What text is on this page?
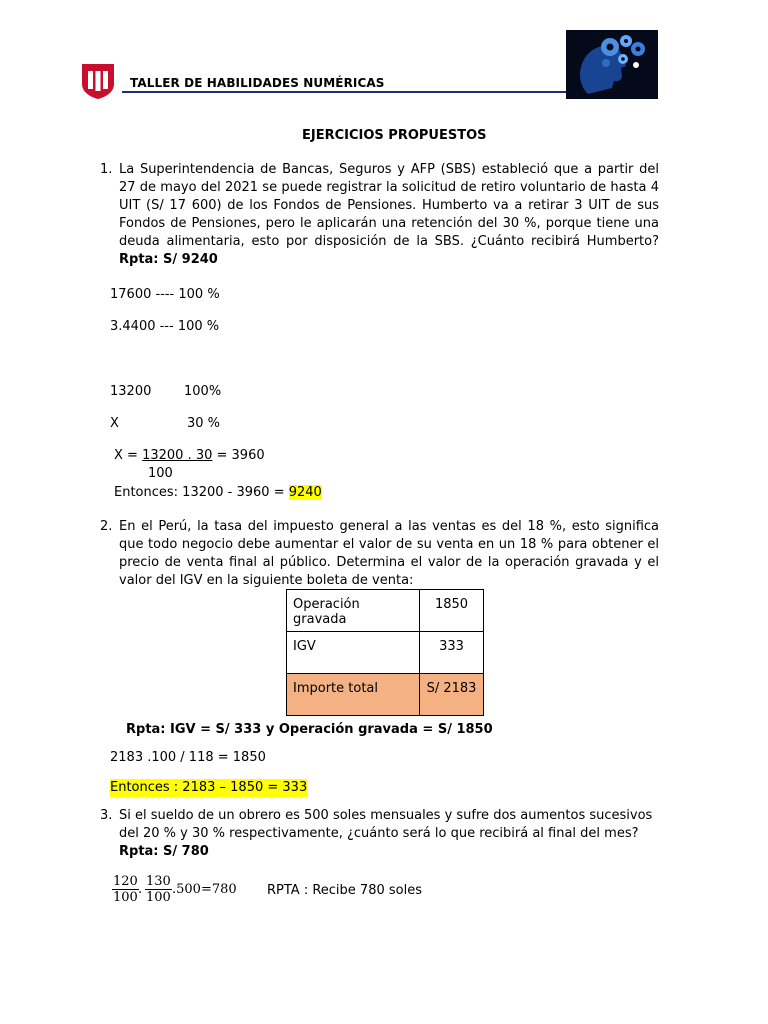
TALLER DE HABILIDADES NUMÉRICAS
EJERCICIOS PROPUESTOS
1. La Superintendencia de Bancas, Seguros y AFP (SBS) estableció que a partir del 27 de mayo del 2021 se puede registrar la solicitud de retiro voluntario de hasta 4 UIT (S/ 17 600) de los Fondos de Pensiones. Humberto va a retirar 3 UIT de sus Fondos de Pensiones, pero le aplicarán una retención del 30 %, porque tiene una deuda alimentaria, esto por disposición de la SBS. ¿Cuánto recibirá Humberto? Rpta: S/ 9240
17600 ---- 100 %
3.4400 --- 100 %
13200	100%
X	30 %
X = 13200 . 30 = 3960
100
Entonces: 13200 - 3960 = 9240
2. En el Perú, la tasa del impuesto general a las ventas es del 18 %, esto significa que todo negocio debe aumentar el valor de su venta en un 18 % para obtener el precio de venta final al público. Determina el valor de la operación gravada y el valor del IGV en la siguiente boleta de venta:
Operación gravada	1850
IGV	333
Importe total	S/ 2183
Rpta: IGV = S/ 333 y Operación gravada = S/ 1850
2183 .100 / 118 = 1850
Entonces : 2183 – 1850 = 333
3. Si el sueldo de un obrero es 500 soles mensuales y sufre dos aumentos sucesivos del 20 % y 30 % respectivamente, ¿cuánto será lo que recibirá al final del mes? Rpta: S/ 780
$\frac{120}{100}$ . $\frac{130}{100} .500=780$ RPTA : Recibe 780 soles
